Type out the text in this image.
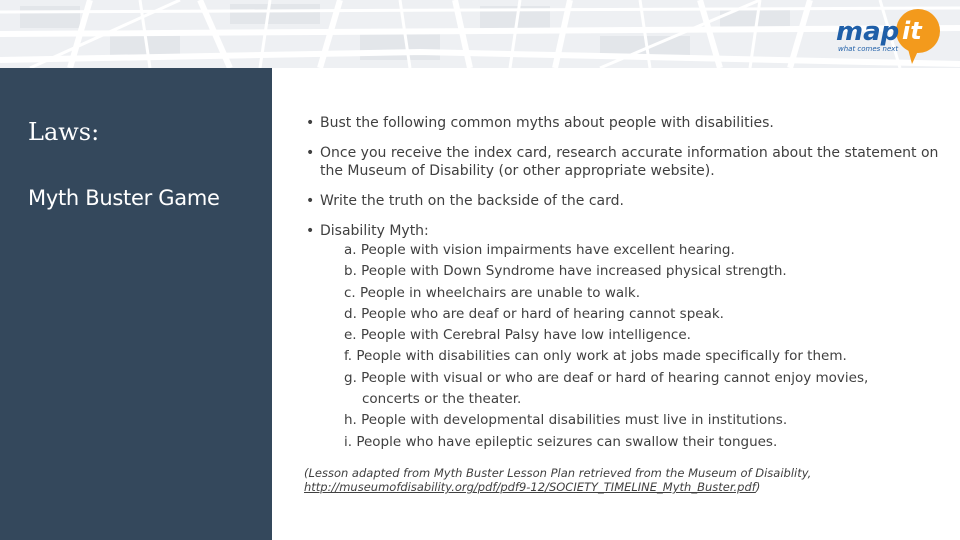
map it
what comes next
Laws:
Myth Buster Game
• Bust the following common myths about people with disabilities.
• Once you receive the index card, research accurate information about the statement on the Museum of Disability (or other appropriate website).
• Write the truth on the backside of the card.
• Disability Myth:
a. People with vision impairments have excellent hearing.
b. People with Down Syndrome have increased physical strength.
c. People in wheelchairs are unable to walk.
d. People who are deaf or hard of hearing cannot speak.
e. People with Cerebral Palsy have low intelligence.
f. People with disabilities can only work at jobs made specifically for them.
g. People with visual or who are deaf or hard of hearing cannot enjoy movies,
concerts or the theater.
h. People with developmental disabilities must live in institutions.
i. People who have epileptic seizures can swallow their tongues.
(Lesson adapted from Myth Buster Lesson Plan retrieved from the Museum of Disaiblity,
http://museumofdisability.org/pdf/pdf9-12/SOCIETY_TIMELINE_Myth_Buster.pdf)
